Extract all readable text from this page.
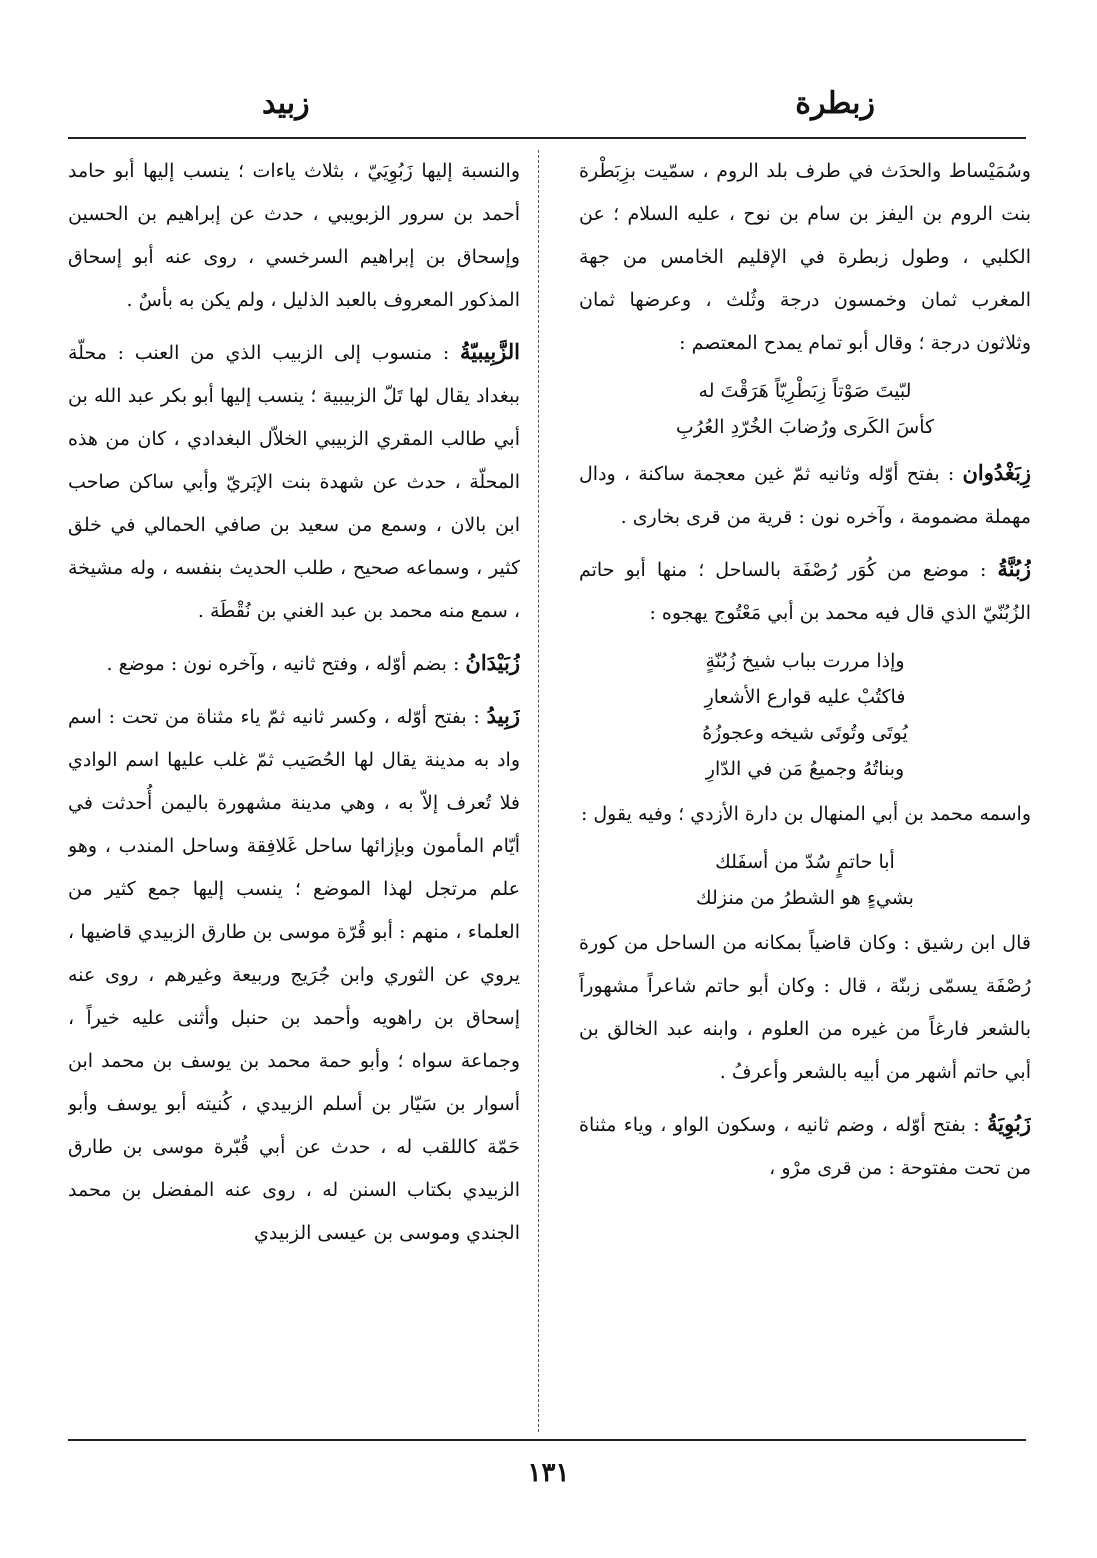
زبطرة
زبيد

وسُمَيْساط والحدَث في طرف بلد الروم ، سمّيت بزِبَطْرة بنت الروم بن اليفز بن سام بن نوح ، عليه السلام ؛ عن الكلبي ، وطول زبطرة في الإقليم الخامس من جهة المغرب ثمان وخمسون درجة وثُلث ، وعرضها ثمان وثلاثون درجة ؛ وقال أبو تمام يمدح المعتصم :

لبّيتَ صَوْتاً زِبَطْرِيّاً هَرَقْتَ له
كأسَ الكَرى ورُضابَ الخُرّدِ العُرُبِ

زِبَغْدُوان : بفتح أوّله وثانيه ثمّ غين معجمة ساكنة ، ودال مهملة مضمومة ، وآخره نون : قرية من قرى بخارى .

زُبُنَّةُ : موضع من كُوَر رُصْفَة بالساحل ؛ منها أبو حاتم الزُبُنّيّ الذي قال فيه محمد بن أبي مَعْتُوج يهجوه :

وإذا مررت بباب شيخ زُبُنّةٍ
فاكتُبْ عليه قوارع الأشعارِ
يُوتَى وتُوتَى شيخه وعجوزُهُ
وبناتُهُ وجميعُ مَن في الدّارِ

واسمه محمد بن أبي المنهال بن دارة الأزدي ؛ وفيه يقول :

أبا حاتمٍ سُدّ من أسفَلك
بشيءٍ هو الشطرُ من منزلك

قال ابن رشيق : وكان قاضياً بمكانه من الساحل من كورة رُصْفَة يسمّى زبنّة ، قال : وكان أبو حاتم شاعراً مشهوراً بالشعر فارغاً من غيره من العلوم ، وابنه عبد الخالق بن أبي حاتم أشهر من أبيه بالشعر وأعرفُ .

زَبُوِيَةُ : بفتح أوّله ، وضم ثانيه ، وسكون الواو ، وياء مثناة من تحت مفتوحة : من قرى مرْو ،

والنسبة إليها زَبُوِيَيّ ، بثلاث ياءات ؛ ينسب إليها أبو حامد أحمد بن سرور الزبويبي ، حدث عن إبراهيم بن الحسين وإسحاق بن إبراهيم السرخسي ، روى عنه أبو إسحاق المذكور المعروف بالعبد الذليل ، ولم يكن به بأسٌ .

الزَّبِيبيّةُ : منسوب إلى الزبيب الذي من العنب : محلّة ببغداد يقال لها تَلّ الزبيبية ؛ ينسب إليها أبو بكر عبد الله بن أبي طالب المقري الزبيبي الخلاّل البغدادي ، كان من هذه المحلّة ، حدث عن شهدة بنت الإبَريّ وأبي ساكن صاحب ابن بالان ، وسمع من سعيد بن صافي الحمالي في خلق كثير ، وسماعه صحيح ، طلب الحديث بنفسه ، وله مشيخة ، سمع منه محمد بن عبد الغني بن نُقْطَة .

زُبَيْدَانُ : بضم أوّله ، وفتح ثانيه ، وآخره نون : موضع .

زَبِيدُ : بفتح أوّله ، وكسر ثانيه ثمّ ياء مثناة من تحت : اسم واد به مدينة يقال لها الحُصَيب ثمّ غلب عليها اسم الوادي فلا تُعرف إلاّ به ، وهي مدينة مشهورة باليمن أُحدثت في أيّام المأمون وبإزائها ساحل غَلافِقة وساحل المندب ، وهو علم مرتجل لهذا الموضع ؛ ينسب إليها جمع كثير من العلماء ، منهم : أبو قُرّة موسى بن طارق الزبيدي قاضيها ، يروي عن الثوري وابن جُرَيج وربيعة وغيرهم ، روى عنه إسحاق بن راهويه وأحمد بن حنبل وأثنى عليه خيراً ، وجماعة سواه ؛ وأبو حمة محمد بن يوسف بن محمد ابن أسوار بن سَيّار بن أسلم الزبيدي ، كُنيته أبو يوسف وأبو حَمّة كاللقب له ، حدث عن أبي قُبّرة موسى بن طارق الزبيدي بكتاب السنن له ، روى عنه المفضل بن محمد الجندي وموسى بن عيسى الزبيدي

١٣١
